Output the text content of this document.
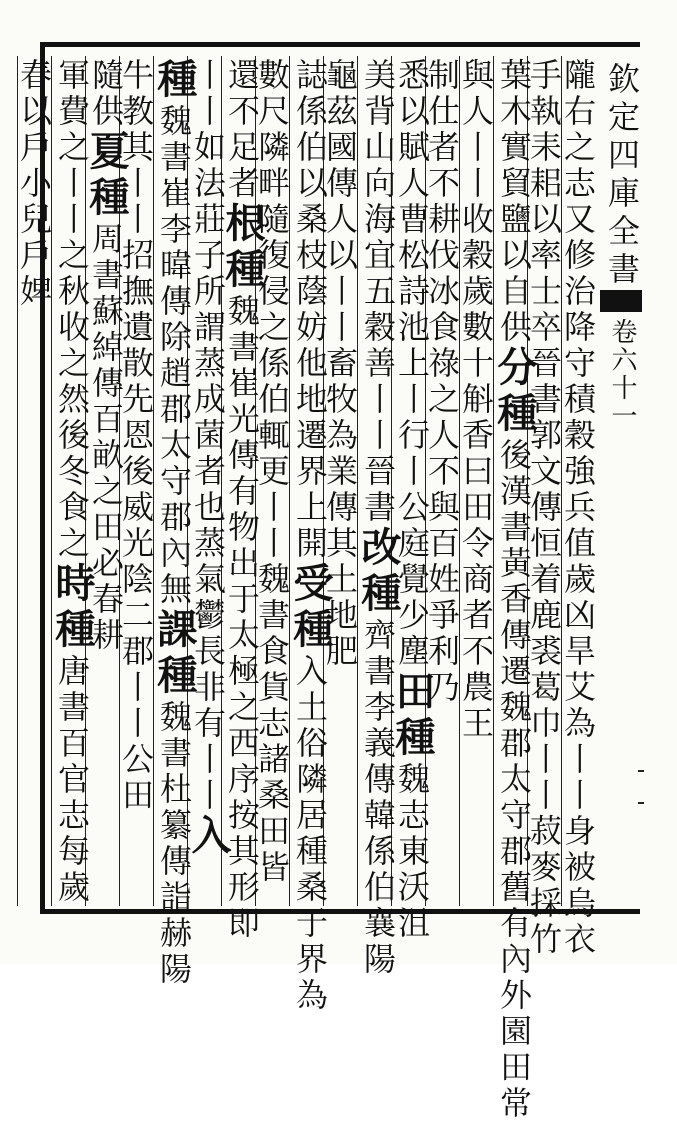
欽定四庫全書
卷六十一
隴右之志又修治降守積穀強兵值歲凶旱艾為丨丨身被烏衣
手執耒耜以率士卒晉書郭文傳恒着鹿裘葛巾丨丨菽麥採竹
葉木實貿鹽以自供分種後漢書黃香傳遷魏郡太守郡舊有內外園田常
與人丨丨收穀歲數十斛香曰田令商者不農王
制仕者不耕伐冰食祿之人不與百姓爭利乃
悉以賦人曹松詩池上丨行丨公庭覺少塵田種魏志東沃沮
美背山向海宜五穀善丨丨晉書改種齊書李義傳韓係伯襄陽
龜茲國傳人以丨丨畜牧為業傳其土地肥
誌係伯以桑枝蔭妨他地遷界上開受種入土俗隣居種桑于界為
數尺隣畔隨復侵之係伯輒更丨丨魏書食貨志諸桑田皆
還不足者根種魏書崔光傳有物出于太極之西序按其形即
丨丨如法莊子所謂蒸成菌者也蒸氣鬱長非有丨丨入
種魏書崔李暐傳除趙郡太守郡內無課種魏書杜纂傳詣赫陽
牛教其丨丨招撫遺散先恩後威光陰二郡丨丨公田
隨供夏種周書蘇綽傳百畝之田必春耕
軍費之丨丨之秋收之然後冬食之時種唐書百官志每歲
春以戶小兒戶婢
